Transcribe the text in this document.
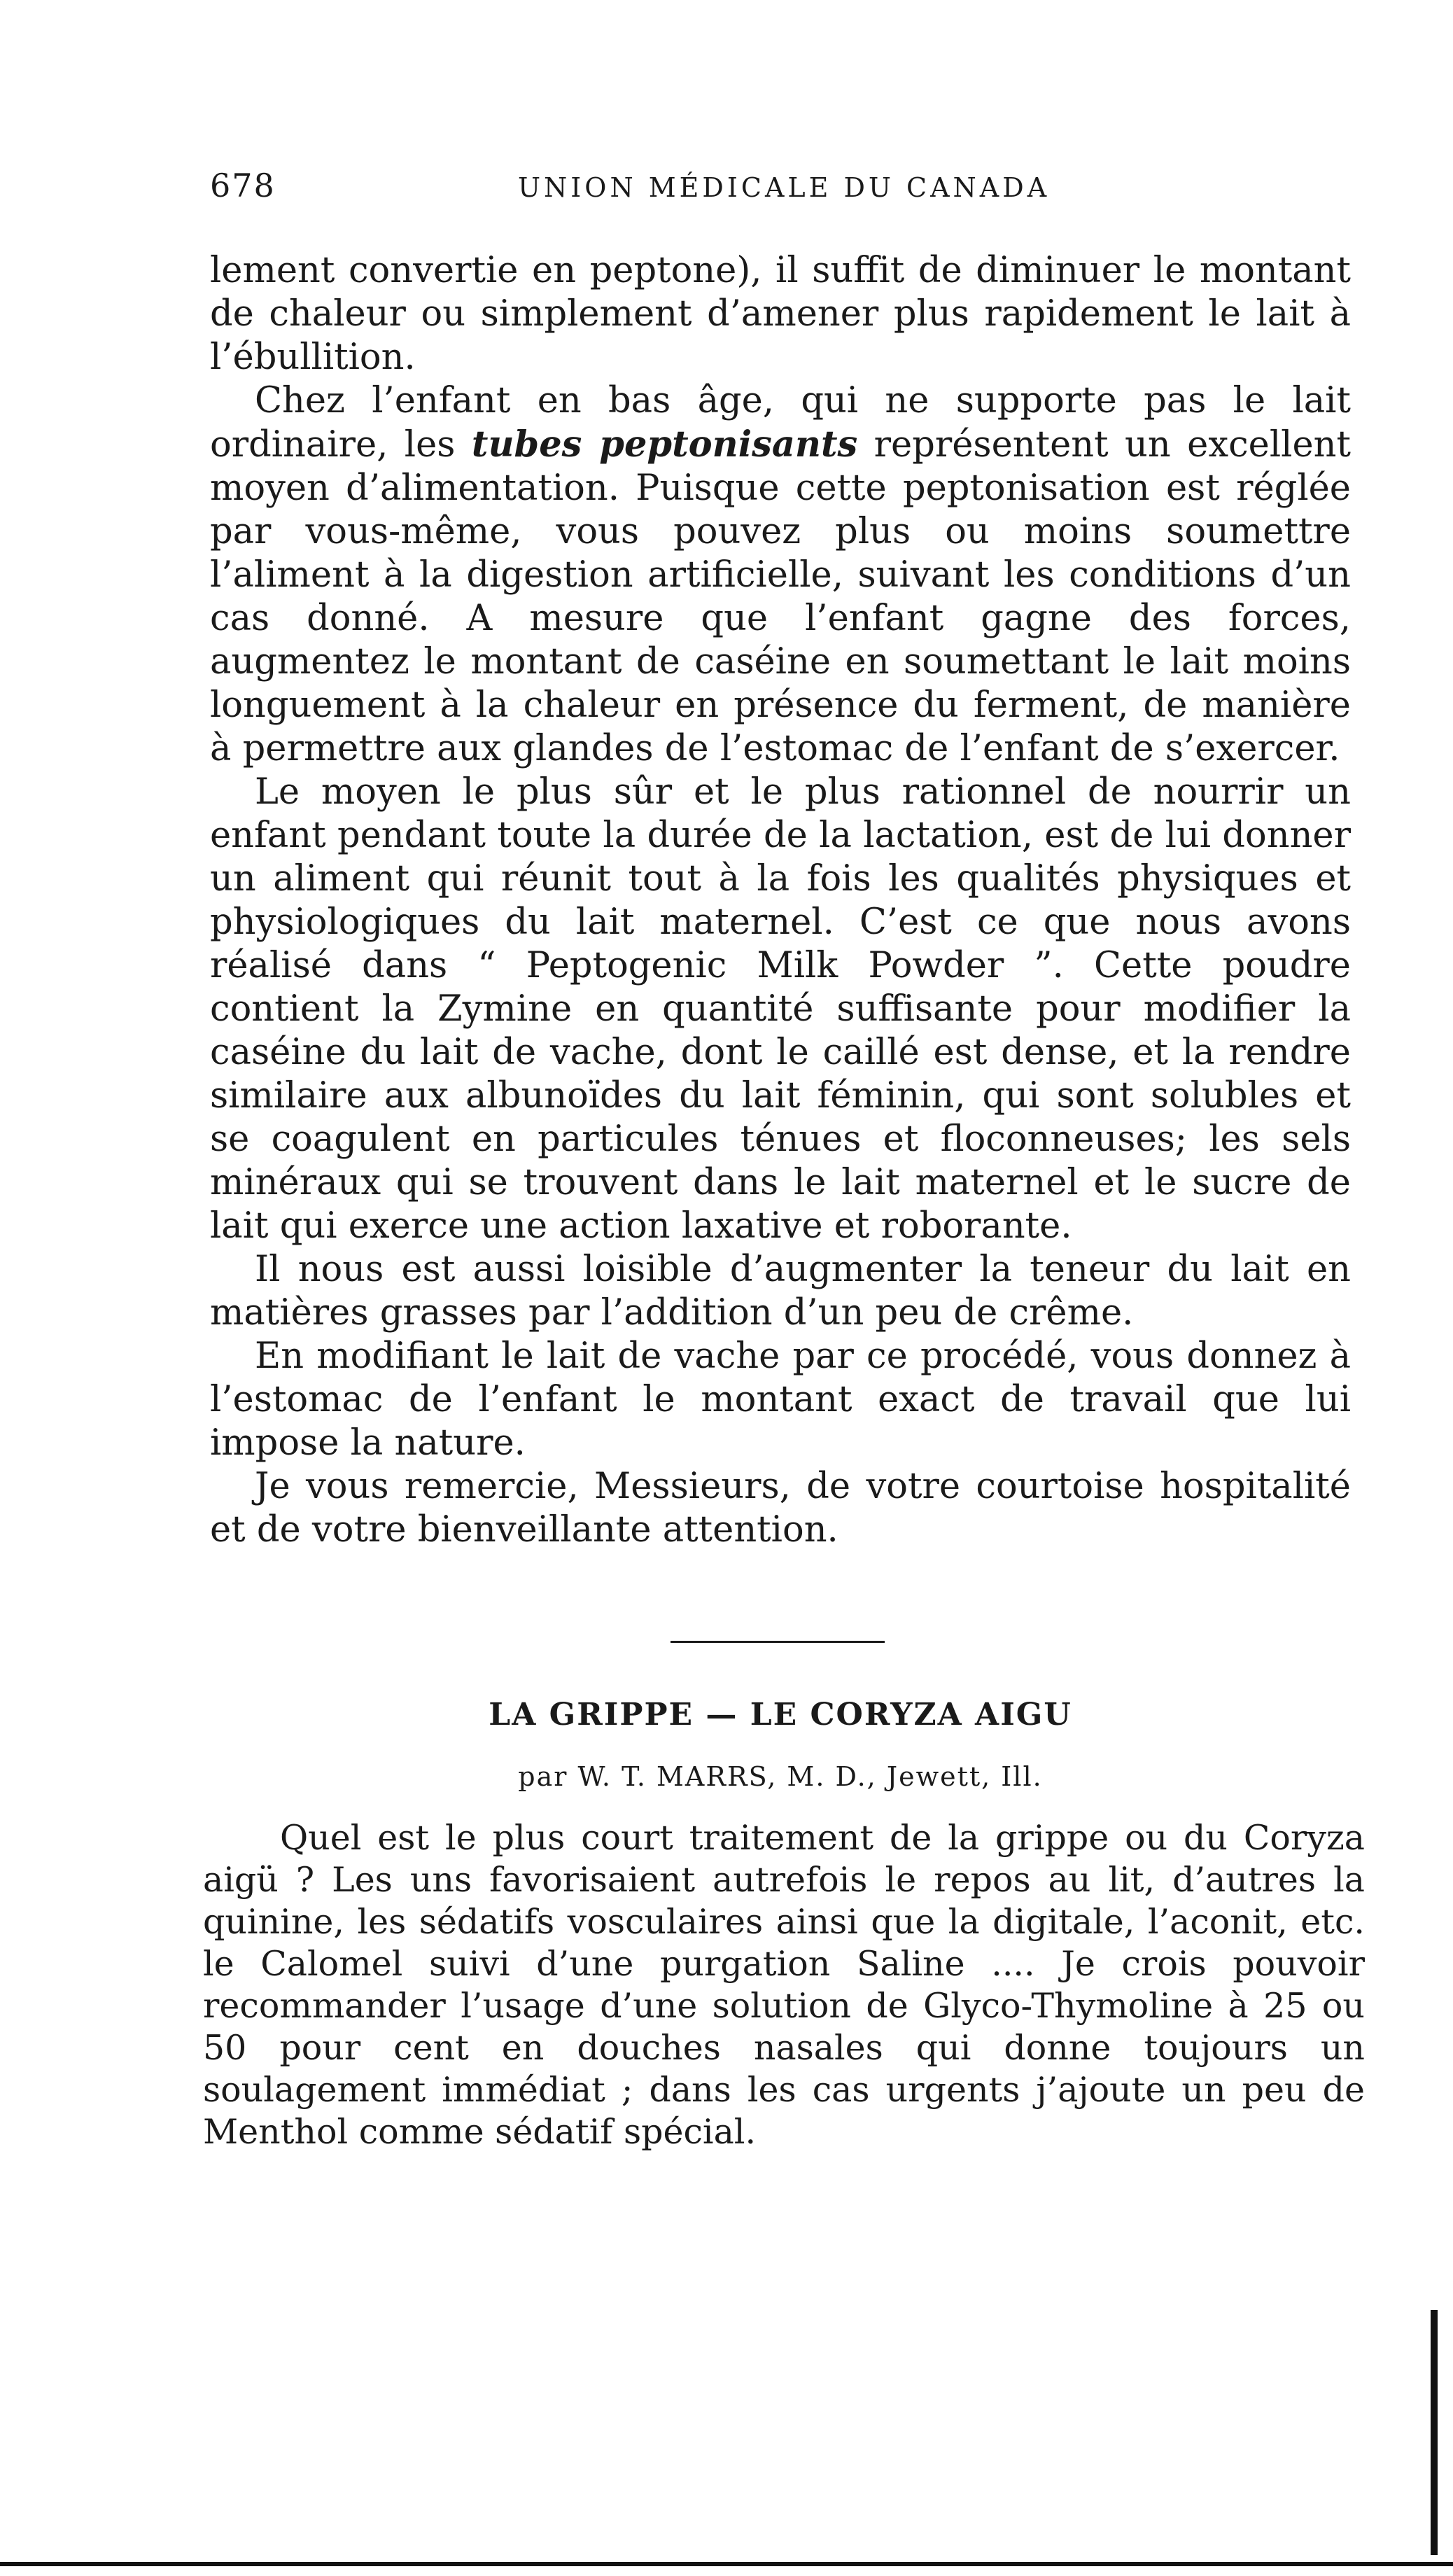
678	UNION MÉDICALE DU CANADA

lement convertie en peptone), il suffit de diminuer le montant de chaleur ou simplement d’amener plus rapidement le lait à l’ébullition.

Chez l’enfant en bas âge, qui ne supporte pas le lait ordinaire, les tubes peptonisants représentent un excellent moyen d’alimentation. Puisque cette peptonisation est réglée par vous-même, vous pouvez plus ou moins soumettre l’aliment à la digestion artificielle, suivant les conditions d’un cas donné. A mesure que l’enfant gagne des forces, augmentez le montant de caséine en soumettant le lait moins longuement à la chaleur en présence du ferment, de manière à permettre aux glandes de l’estomac de l’enfant de s’exercer.

Le moyen le plus sûr et le plus rationnel de nourrir un enfant pendant toute la durée de la lactation, est de lui donner un aliment qui réunit tout à la fois les qualités physiques et physiologiques du lait maternel. C’est ce que nous avons réalisé dans “ Peptogenic Milk Powder ”. Cette poudre contient la Zymine en quantité suffisante pour modifier la caséine du lait de vache, dont le caillé est dense, et la rendre similaire aux albunoïdes du lait féminin, qui sont solubles et se coagulent en particules ténues et floconneuses; les sels minéraux qui se trouvent dans le lait maternel et le sucre de lait qui exerce une action laxative et roborante.

Il nous est aussi loisible d’augmenter la teneur du lait en matières grasses par l’addition d’un peu de crême.

En modifiant le lait de vache par ce procédé, vous donnez à l’estomac de l’enfant le montant exact de travail que lui impose la nature.

Je vous remercie, Messieurs, de votre courtoise hospitalité et de votre bienveillante attention.

LA GRIPPE — LE CORYZA AIGU
par W. T. MARRS, M. D., Jewett, Ill.

Quel est le plus court traitement de la grippe ou du Coryza aigü ? Les uns favorisaient autrefois le repos au lit, d’autres la quinine, les sédatifs vosculaires ainsi que la digitale, l’aconit, etc. le Calomel suivi d’une purgation Saline .... Je crois pouvoir recommander l’usage d’une solution de Glyco-Thymoline à 25 ou 50 pour cent en douches nasales qui donne toujours un soulagement immédiat ; dans les cas urgents j’ajoute un peu de Menthol comme sédatif spécial.
